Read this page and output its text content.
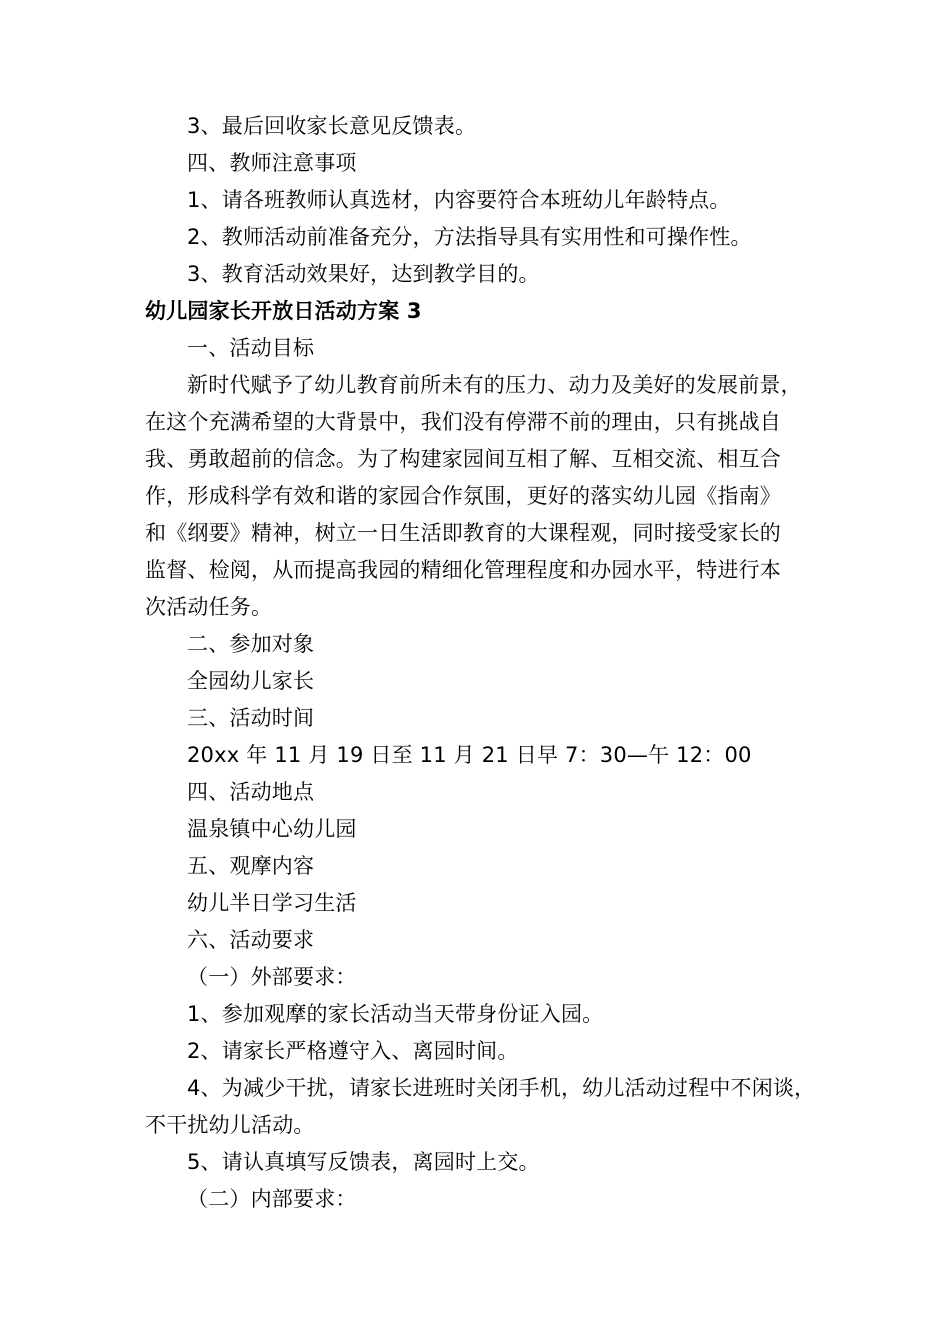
3、最后回收家长意见反馈表。
四、教师注意事项
1、请各班教师认真选材，内容要符合本班幼儿年龄特点。
2、教师活动前准备充分，方法指导具有实用性和可操作性。
3、教育活动效果好，达到教学目的。
幼儿园家长开放日活动方案 3
一、活动目标
新时代赋予了幼儿教育前所未有的压力、动力及美好的发展前景，
在这个充满希望的大背景中，我们没有停滞不前的理由，只有挑战自
我、勇敢超前的信念。为了构建家园间互相了解、互相交流、相互合
作，形成科学有效和谐的家园合作氛围，更好的落实幼儿园《指南》
和《纲要》精神，树立一日生活即教育的大课程观，同时接受家长的
监督、检阅，从而提高我园的精细化管理程度和办园水平，特进行本
次活动任务。
二、参加对象
全园幼儿家长
三、活动时间
20xx 年 11 月 19 日至 11 月 21 日早 7：30—午 12：00
四、活动地点
温泉镇中心幼儿园
五、观摩内容
幼儿半日学习生活
六、活动要求
（一）外部要求：
1、参加观摩的家长活动当天带身份证入园。
2、请家长严格遵守入、离园时间。
4、为减少干扰，请家长进班时关闭手机，幼儿活动过程中不闲谈，
不干扰幼儿活动。
5、请认真填写反馈表，离园时上交。
（二）内部要求：
